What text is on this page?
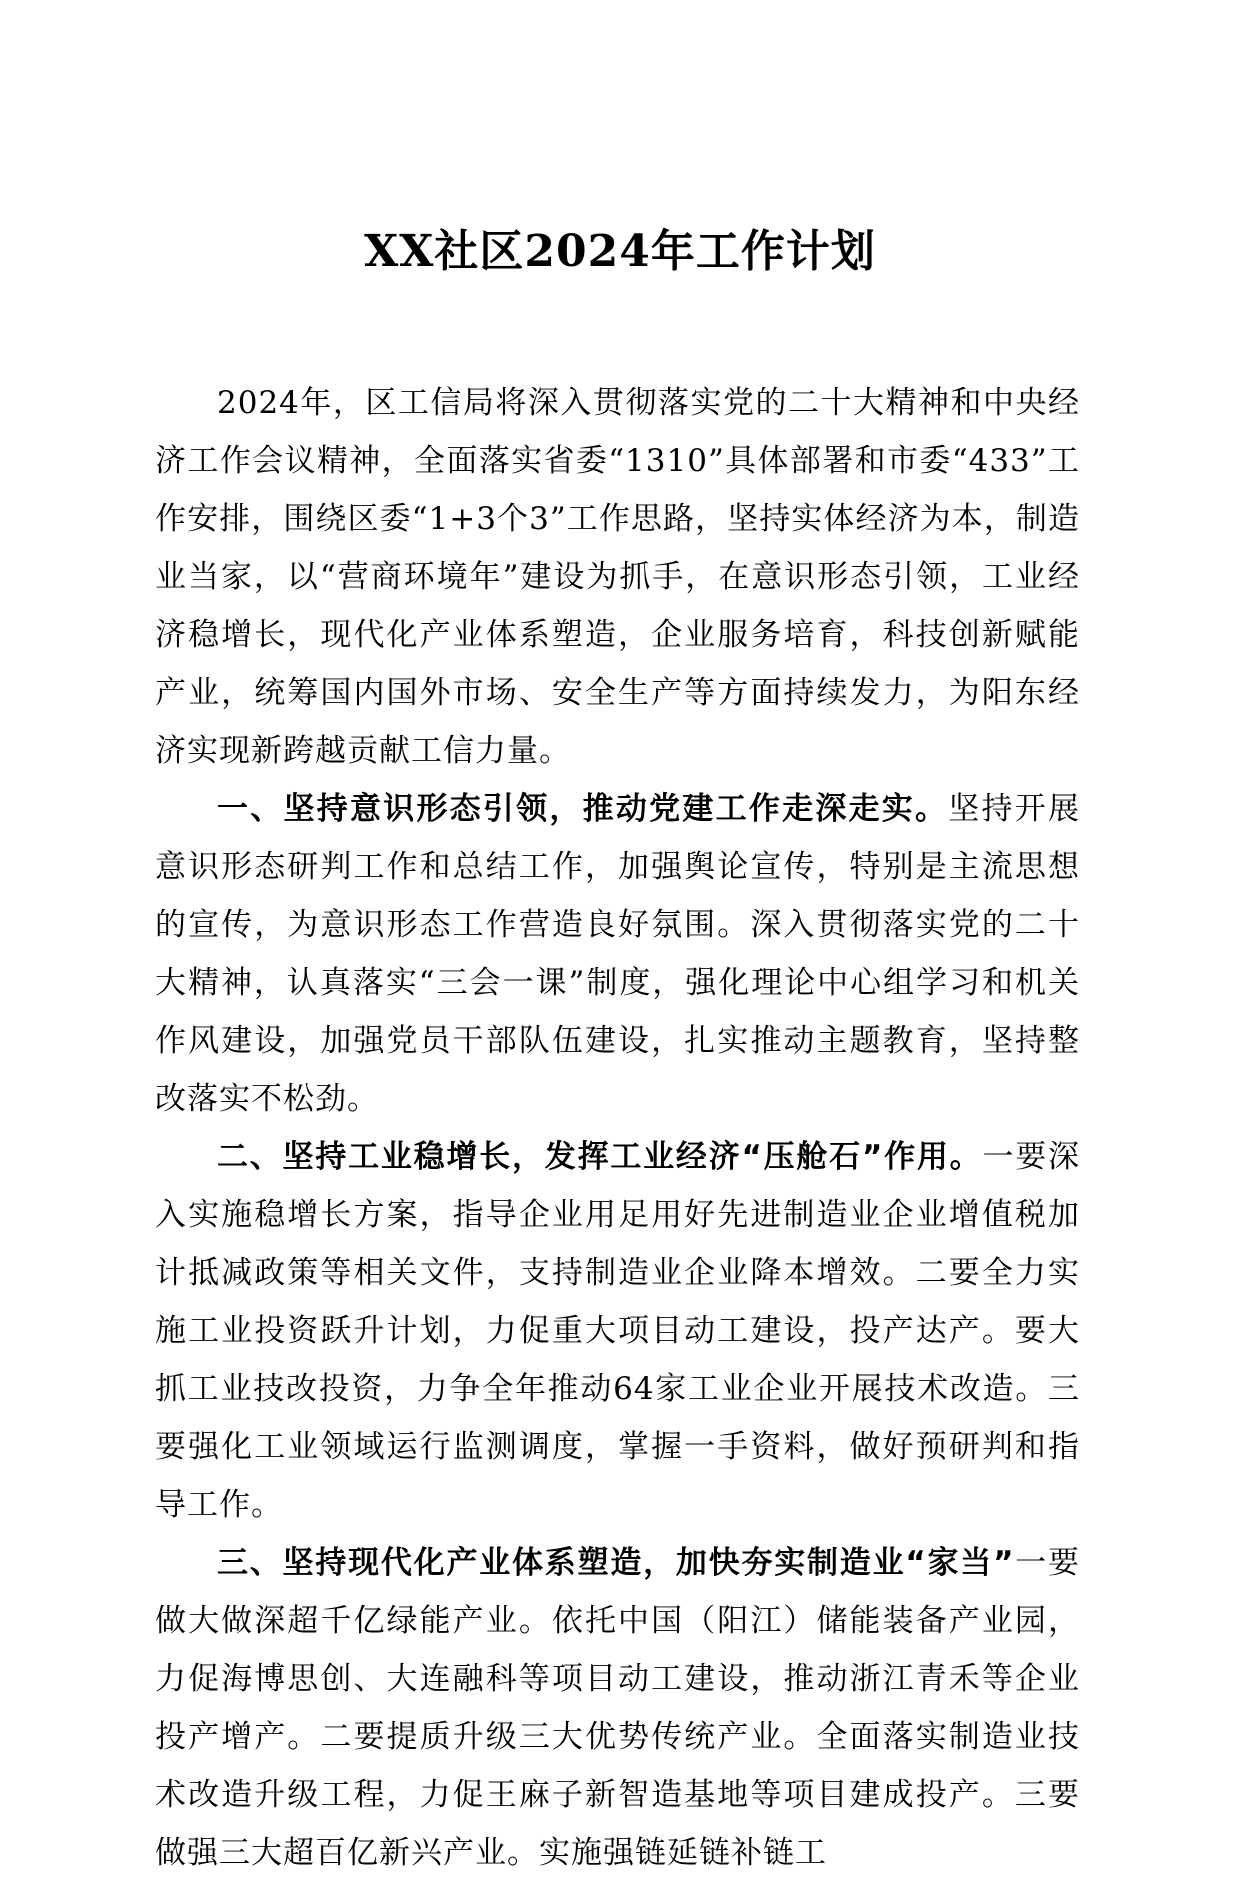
XX社区2024年工作计划

2024年，区工信局将深入贯彻落实党的二十大精神和中央经济工作会议精神，全面落实省委“1310”具体部署和市委“433”工作安排，围绕区委“1+3个3”工作思路，坚持实体经济为本，制造业当家，以“营商环境年”建设为抓手，在意识形态引领，工业经济稳增长，现代化产业体系塑造，企业服务培育，科技创新赋能产业，统筹国内国外市场、安全生产等方面持续发力，为阳东经济实现新跨越贡献工信力量。

一、坚持意识形态引领，推动党建工作走深走实。坚持开展意识形态研判工作和总结工作，加强舆论宣传，特别是主流思想的宣传，为意识形态工作营造良好氛围。深入贯彻落实党的二十大精神，认真落实“三会一课”制度，强化理论中心组学习和机关作风建设，加强党员干部队伍建设，扎实推动主题教育，坚持整改落实不松劲。

二、坚持工业稳增长，发挥工业经济“压舱石”作用。一要深入实施稳增长方案，指导企业用足用好先进制造业企业增值税加计抵减政策等相关文件，支持制造业企业降本增效。二要全力实施工业投资跃升计划，力促重大项目动工建设，投产达产。要大抓工业技改投资，力争全年推动64家工业企业开展技术改造。三要强化工业领域运行监测调度，掌握一手资料，做好预研判和指导工作。

三、坚持现代化产业体系塑造，加快夯实制造业“家当”一要做大做深超千亿绿能产业。依托中国（阳江）储能装备产业园，力促海博思创、大连融科等项目动工建设，推动浙江青禾等企业投产增产。二要提质升级三大优势传统产业。全面落实制造业技术改造升级工程，力促王麻子新智造基地等项目建成投产。三要做强三大超百亿新兴产业。实施强链延链补链工
